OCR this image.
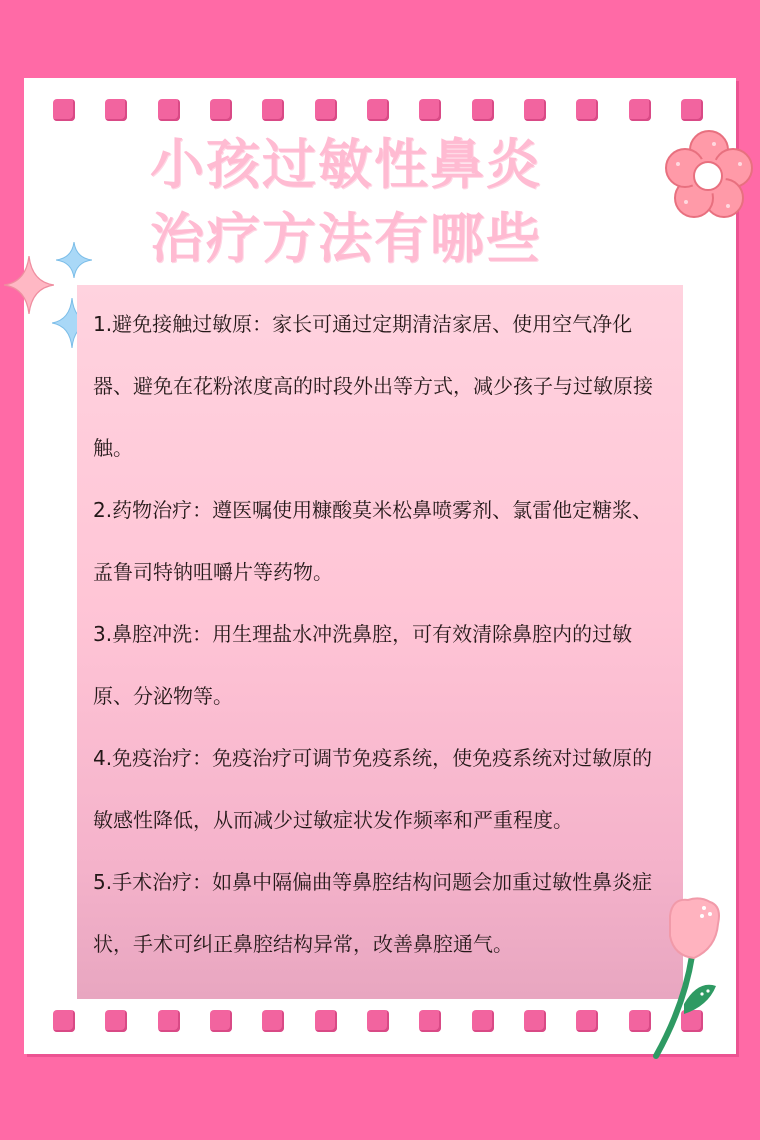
小孩过敏性鼻炎
治疗方法有哪些

1.避免接触过敏原：家长可通过定期清洁家居、使用空气净化器、避免在花粉浓度高的时段外出等方式，减少孩子与过敏原接触。

2.药物治疗：遵医嘱使用糠酸莫米松鼻喷雾剂、氯雷他定糖浆、孟鲁司特钠咀嚼片等药物。

3.鼻腔冲洗：用生理盐水冲洗鼻腔，可有效清除鼻腔内的过敏原、分泌物等。

4.免疫治疗：免疫治疗可调节免疫系统，使免疫系统对过敏原的敏感性降低，从而减少过敏症状发作频率和严重程度。

5.手术治疗：如鼻中隔偏曲等鼻腔结构问题会加重过敏性鼻炎症状，手术可纠正鼻腔结构异常，改善鼻腔通气。
